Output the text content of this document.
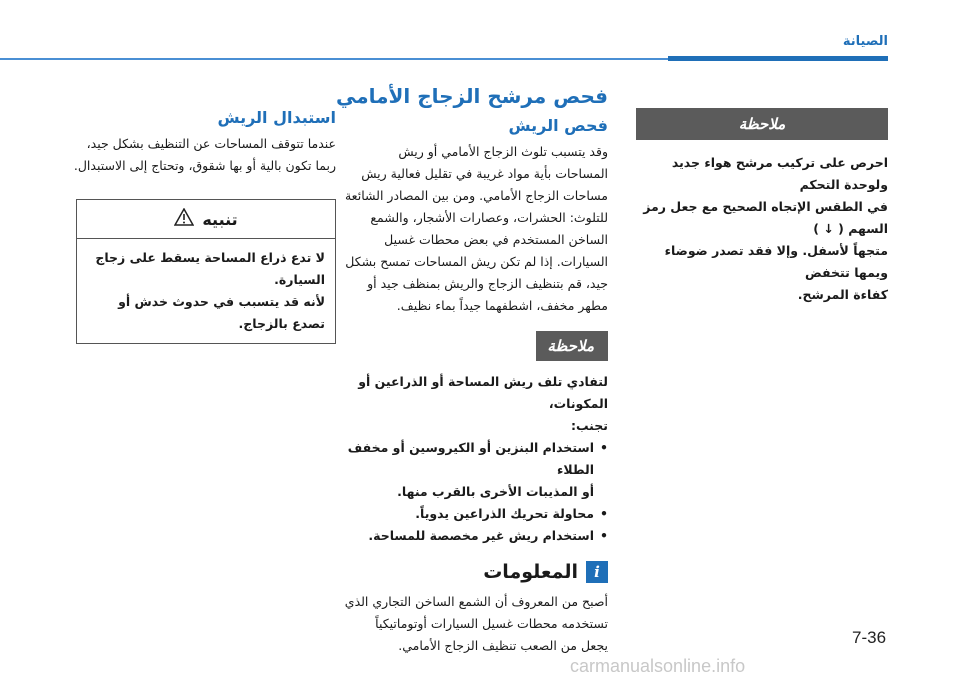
الصيانة
ملاحظة

احرص على تركيب مرشح هواء جديد ولوحدة التحكم

في الطقس الإتجاه الصحيح مع جعل رمز السهم ( ↓ )

متجهاً لأسفل. وإلا فقد تصدر ضوضاء ويمها تتخفض

كفاءة المرشح.

فحص مرشح الزجاج الأمامي
فحص الريش

وقد يتسبب تلوث الزجاج الأمامي أو ريش

المساحات بأية مواد غريبة في تقليل فعالية ريش

مساحات الزجاج الأمامي. ومن بين المصادر الشائعة

للتلوث: الحشرات، وعصارات الأشجار، والشمع

الساخن المستخدم في بعض محطات غسيل

السيارات. إذا لم تكن ريش المساحات تمسح بشكل

جيد، قم بتنظيف الزجاج والريش بمنظف جيد أو

مطهر مخفف، اشطفهما جيداً بماء نظيف.

ملاحظة

لتفادي تلف ريش المساحة أو الذراعين أو المكونات،

تجنب:

•
استخدام البنزين أو الكيروسين أو مخفف الطلاء
أو المذيبات الأخرى بالقرب منها.
•
محاولة تحريك الذراعين يدوياً.
•
استخدام ريش غير مخصصة للمساحة.
i
المعلومات

أصبح من المعروف أن الشمع الساخن التجاري الذي

تستخدمه محطات غسيل السيارات أوتوماتيكياً

يجعل من الصعب تنظيف الزجاج الأمامي.

استبدال الريش

عندما تتوقف المساحات عن التنظيف بشكل جيد،

ربما تكون بالية أو بها شقوق، وتحتاج إلى الاستبدال.

تنبيه

لا تدع ذراع المساحة يسقط على زجاج السيارة.

لأنه قد يتسبب في حدوث خدش أو تصدع بالزجاج.

7-36
carmanualsonline.info
